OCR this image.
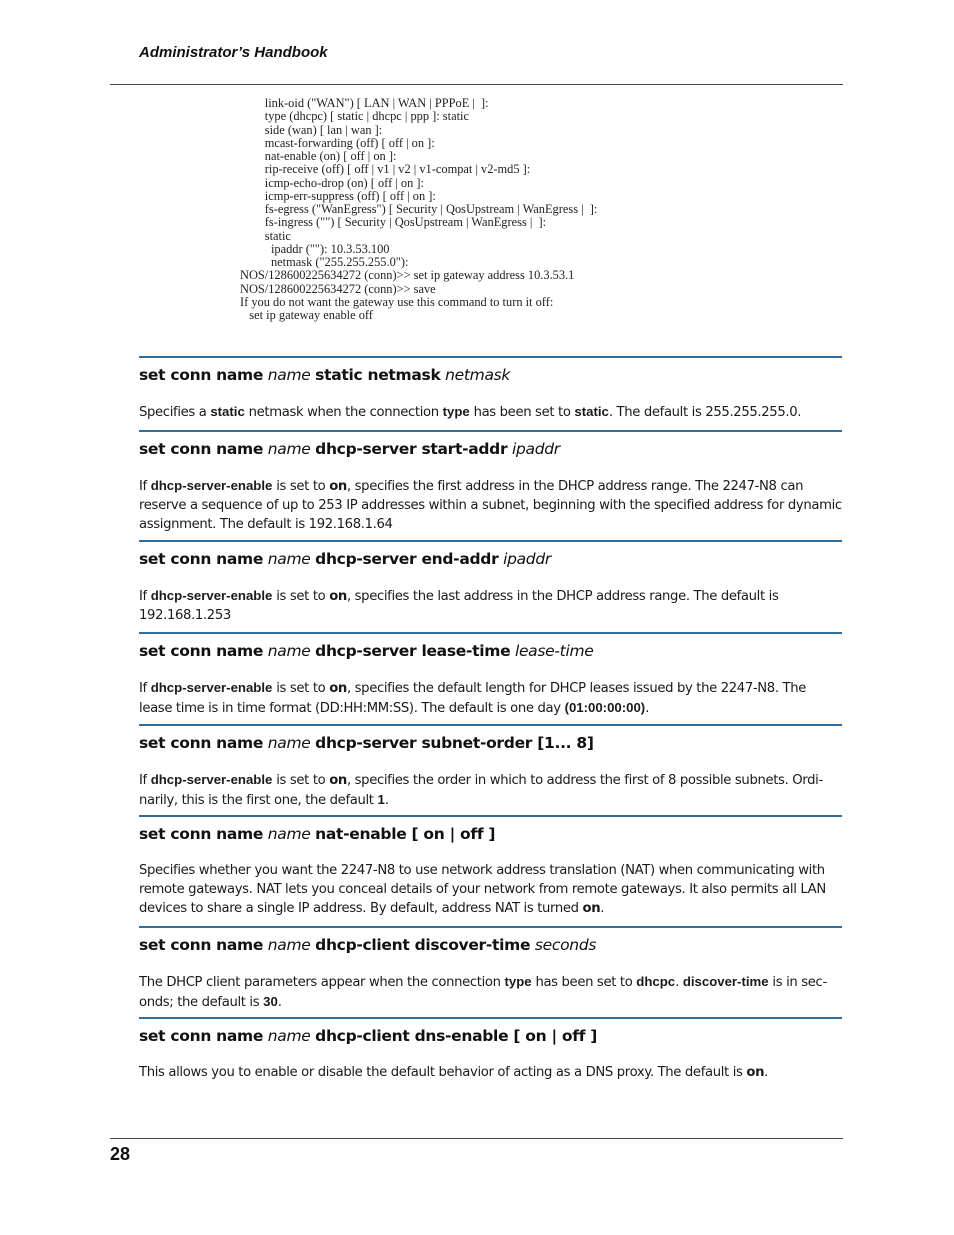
Administrator’s Handbook
link-oid ("WAN") [ LAN | WAN | PPPoE |  ]:
type (dhcpc) [ static | dhcpc | ppp ]: static
side (wan) [ lan | wan ]:
mcast-forwarding (off) [ off | on ]:
nat-enable (on) [ off | on ]:
rip-receive (off) [ off | v1 | v2 | v1-compat | v2-md5 ]:
icmp-echo-drop (on) [ off | on ]:
icmp-err-suppress (off) [ off | on ]:
fs-egress ("WanEgress") [ Security | QosUpstream | WanEgress |  ]:
fs-ingress ("") [ Security | QosUpstream | WanEgress |  ]:
static
ipaddr (""): 10.3.53.100
netmask ("255.255.255.0"):
NOS/128600225634272 (conn)>> set ip gateway address 10.3.53.1
NOS/128600225634272 (conn)>> save
If you do not want the gateway use this command to turn it off:
set ip gateway enable off
set conn name name static netmask netmask
Specifies a static netmask when the connection type has been set to static. The default is 255.255.255.0.
set conn name name dhcp-server start-addr ipaddr
If dhcp-server-enable is set to on, specifies the first address in the DHCP address range. The 2247-N8 can reserve a sequence of up to 253 IP addresses within a subnet, beginning with the specified address for dynamic assignment. The default is 192.168.1.64
set conn name name dhcp-server end-addr ipaddr
If dhcp-server-enable is set to on, specifies the last address in the DHCP address range. The default is 192.168.1.253
set conn name name dhcp-server lease-time lease-time
If dhcp-server-enable is set to on, specifies the default length for DHCP leases issued by the 2247-N8. The lease time is in time format (DD:HH:MM:SS). The default is one day (01:00:00:00).
set conn name name dhcp-server subnet-order [1... 8]
If dhcp-server-enable is set to on, specifies the order in which to address the first of 8 possible subnets. Ordi-narily, this is the first one, the default 1.
set conn name name nat-enable [ on | off ]
Specifies whether you want the 2247-N8 to use network address translation (NAT) when communicating with remote gateways. NAT lets you conceal details of your network from remote gateways. It also permits all LAN devices to share a single IP address. By default, address NAT is turned on.
set conn name name dhcp-client discover-time seconds
The DHCP client parameters appear when the connection type has been set to dhcpc. discover-time is in sec-onds; the default is 30.
set conn name name dhcp-client dns-enable [ on | off ]
This allows you to enable or disable the default behavior of acting as a DNS proxy. The default is on.
28
